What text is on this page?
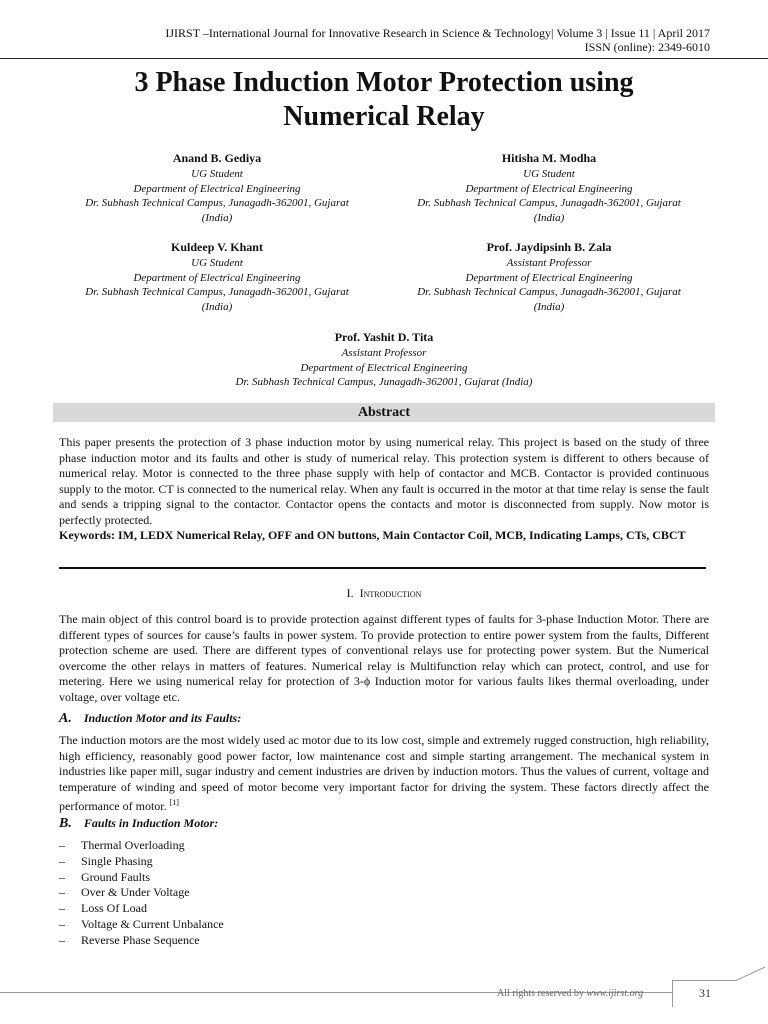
IJIRST –International Journal for Innovative Research in Science & Technology| Volume 3 | Issue 11 | April 2017
ISSN (online): 2349-6010
3 Phase Induction Motor Protection using
Numerical Relay
Anand B. Gediya
UG Student
Department of Electrical Engineering
Dr. Subhash Technical Campus, Junagadh-362001, Gujarat
(India)
Hitisha M. Modha
UG Student
Department of Electrical Engineering
Dr. Subhash Technical Campus, Junagadh-362001, Gujarat
(India)
Kuldeep V. Khant
UG Student
Department of Electrical Engineering
Dr. Subhash Technical Campus, Junagadh-362001, Gujarat
(India)
Prof. Jaydipsinh B. Zala
Assistant Professor
Department of Electrical Engineering
Dr. Subhash Technical Campus, Junagadh-362001, Gujarat
(India)
Prof. Yashit D. Tita
Assistant Professor
Department of Electrical Engineering
Dr. Subhash Technical Campus, Junagadh-362001, Gujarat (India)
Abstract
This paper presents the protection of 3 phase induction motor by using numerical relay. This project is based on the study of three phase induction motor and its faults and other is study of numerical relay. This protection system is different to others because of numerical relay. Motor is connected to the three phase supply with help of contactor and MCB. Contactor is provided continuous supply to the motor. CT is connected to the numerical relay. When any fault is occurred in the motor at that time relay is sense the fault and sends a tripping signal to the contactor. Contactor opens the contacts and motor is disconnected from supply. Now motor is perfectly protected.
Keywords: IM, LEDX Numerical Relay, OFF and ON buttons, Main Contactor Coil, MCB, Indicating Lamps, CTs, CBCT
I. Introduction
The main object of this control board is to provide protection against different types of faults for 3-phase Induction Motor. There are different types of sources for cause’s faults in power system. To provide protection to entire power system from the faults, Different protection scheme are used. There are different types of conventional relays use for protecting power system. But the Numerical overcome the other relays in matters of features. Numerical relay is Multifunction relay which can protect, control, and use for metering. Here we using numerical relay for protection of 3-ϕ Induction motor for various faults likes thermal overloading, under voltage, over voltage etc.
A. Induction Motor and its Faults:
The induction motors are the most widely used ac motor due to its low cost, simple and extremely rugged construction, high reliability, high efficiency, reasonably good power factor, low maintenance cost and simple starting arrangement. The mechanical system in industries like paper mill, sugar industry and cement industries are driven by induction motors. Thus the values of current, voltage and temperature of winding and speed of motor become very important factor for driving the system. These factors directly affect the performance of motor. [1]
B. Faults in Induction Motor:
–	Thermal Overloading
–	Single Phasing
–	Ground Faults
–	Over & Under Voltage
–	Loss Of Load
–	Voltage & Current Unbalance
–	Reverse Phase Sequence
All rights reserved by www.ijirst.org	31
